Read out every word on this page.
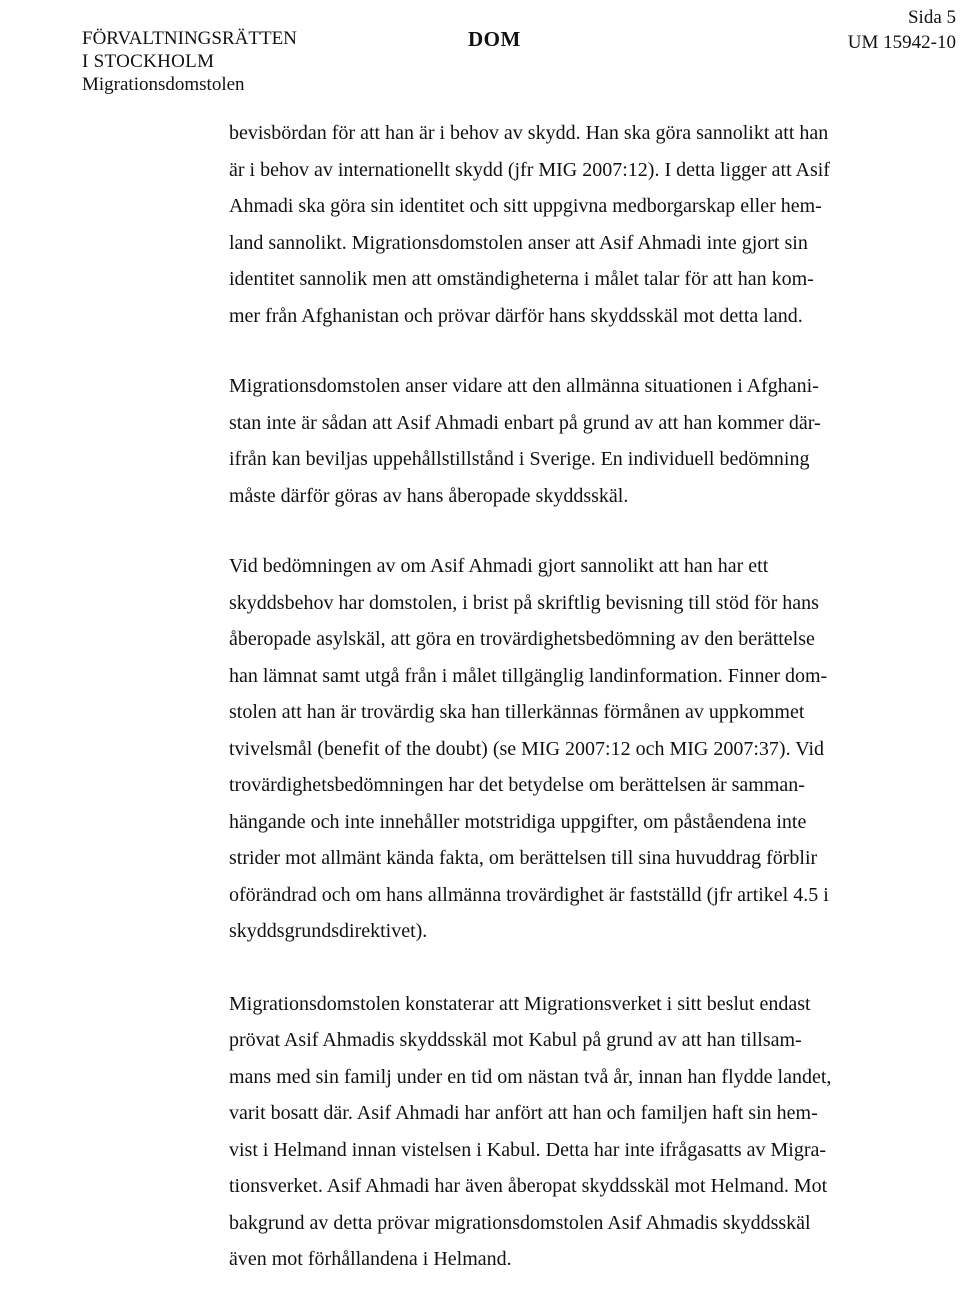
FÖRVALTNINGSRÄTTEN
I STOCKHOLM
Migrationsdomstolen
DOM
Sida 5
UM 15942-10
bevisbördan för att han är i behov av skydd. Han ska göra sannolikt att han
är i behov av internationellt skydd (jfr MIG 2007:12). I detta ligger att Asif
Ahmadi ska göra sin identitet och sitt uppgivna medborgarskap eller hem-
land sannolikt. Migrationsdomstolen anser att Asif Ahmadi inte gjort sin
identitet sannolik men att omständigheterna i målet talar för att han kom-
mer från Afghanistan och prövar därför hans skyddsskäl mot detta land.
Migrationsdomstolen anser vidare att den allmänna situationen i Afghani-
stan inte är sådan att Asif Ahmadi enbart på grund av att han kommer där-
ifrån kan beviljas uppehållstillstånd i Sverige. En individuell bedömning
måste därför göras av hans åberopade skyddsskäl.
Vid bedömningen av om Asif Ahmadi gjort sannolikt att han har ett
skyddsbehov har domstolen, i brist på skriftlig bevisning till stöd för hans
åberopade asylskäl, att göra en trovärdighetsbedömning av den berättelse
han lämnat samt utgå från i målet tillgänglig landinformation. Finner dom-
stolen att han är trovärdig ska han tillerkännas förmånen av uppkommet
tvivelsmål (benefit of the doubt) (se MIG 2007:12 och MIG 2007:37). Vid
trovärdighetsbedömningen har det betydelse om berättelsen är samman-
hängande och inte innehåller motstridiga uppgifter, om påståendena inte
strider mot allmänt kända fakta, om berättelsen till sina huvuddrag förblir
oförändrad och om hans allmänna trovärdighet är fastställd (jfr artikel 4.5 i
skyddsgrundsdirektivet).
Migrationsdomstolen konstaterar att Migrationsverket i sitt beslut endast
prövat Asif Ahmadis skyddsskäl mot Kabul på grund av att han tillsam-
mans med sin familj under en tid om nästan två år, innan han flydde landet,
varit bosatt där. Asif Ahmadi har anfört att han och familjen haft sin hem-
vist i Helmand innan vistelsen i Kabul. Detta har inte ifrågasatts av Migra-
tionsverket. Asif Ahmadi har även åberopat skyddsskäl mot Helmand. Mot
bakgrund av detta prövar migrationsdomstolen Asif Ahmadis skyddsskäl
även mot förhållandena i Helmand.
